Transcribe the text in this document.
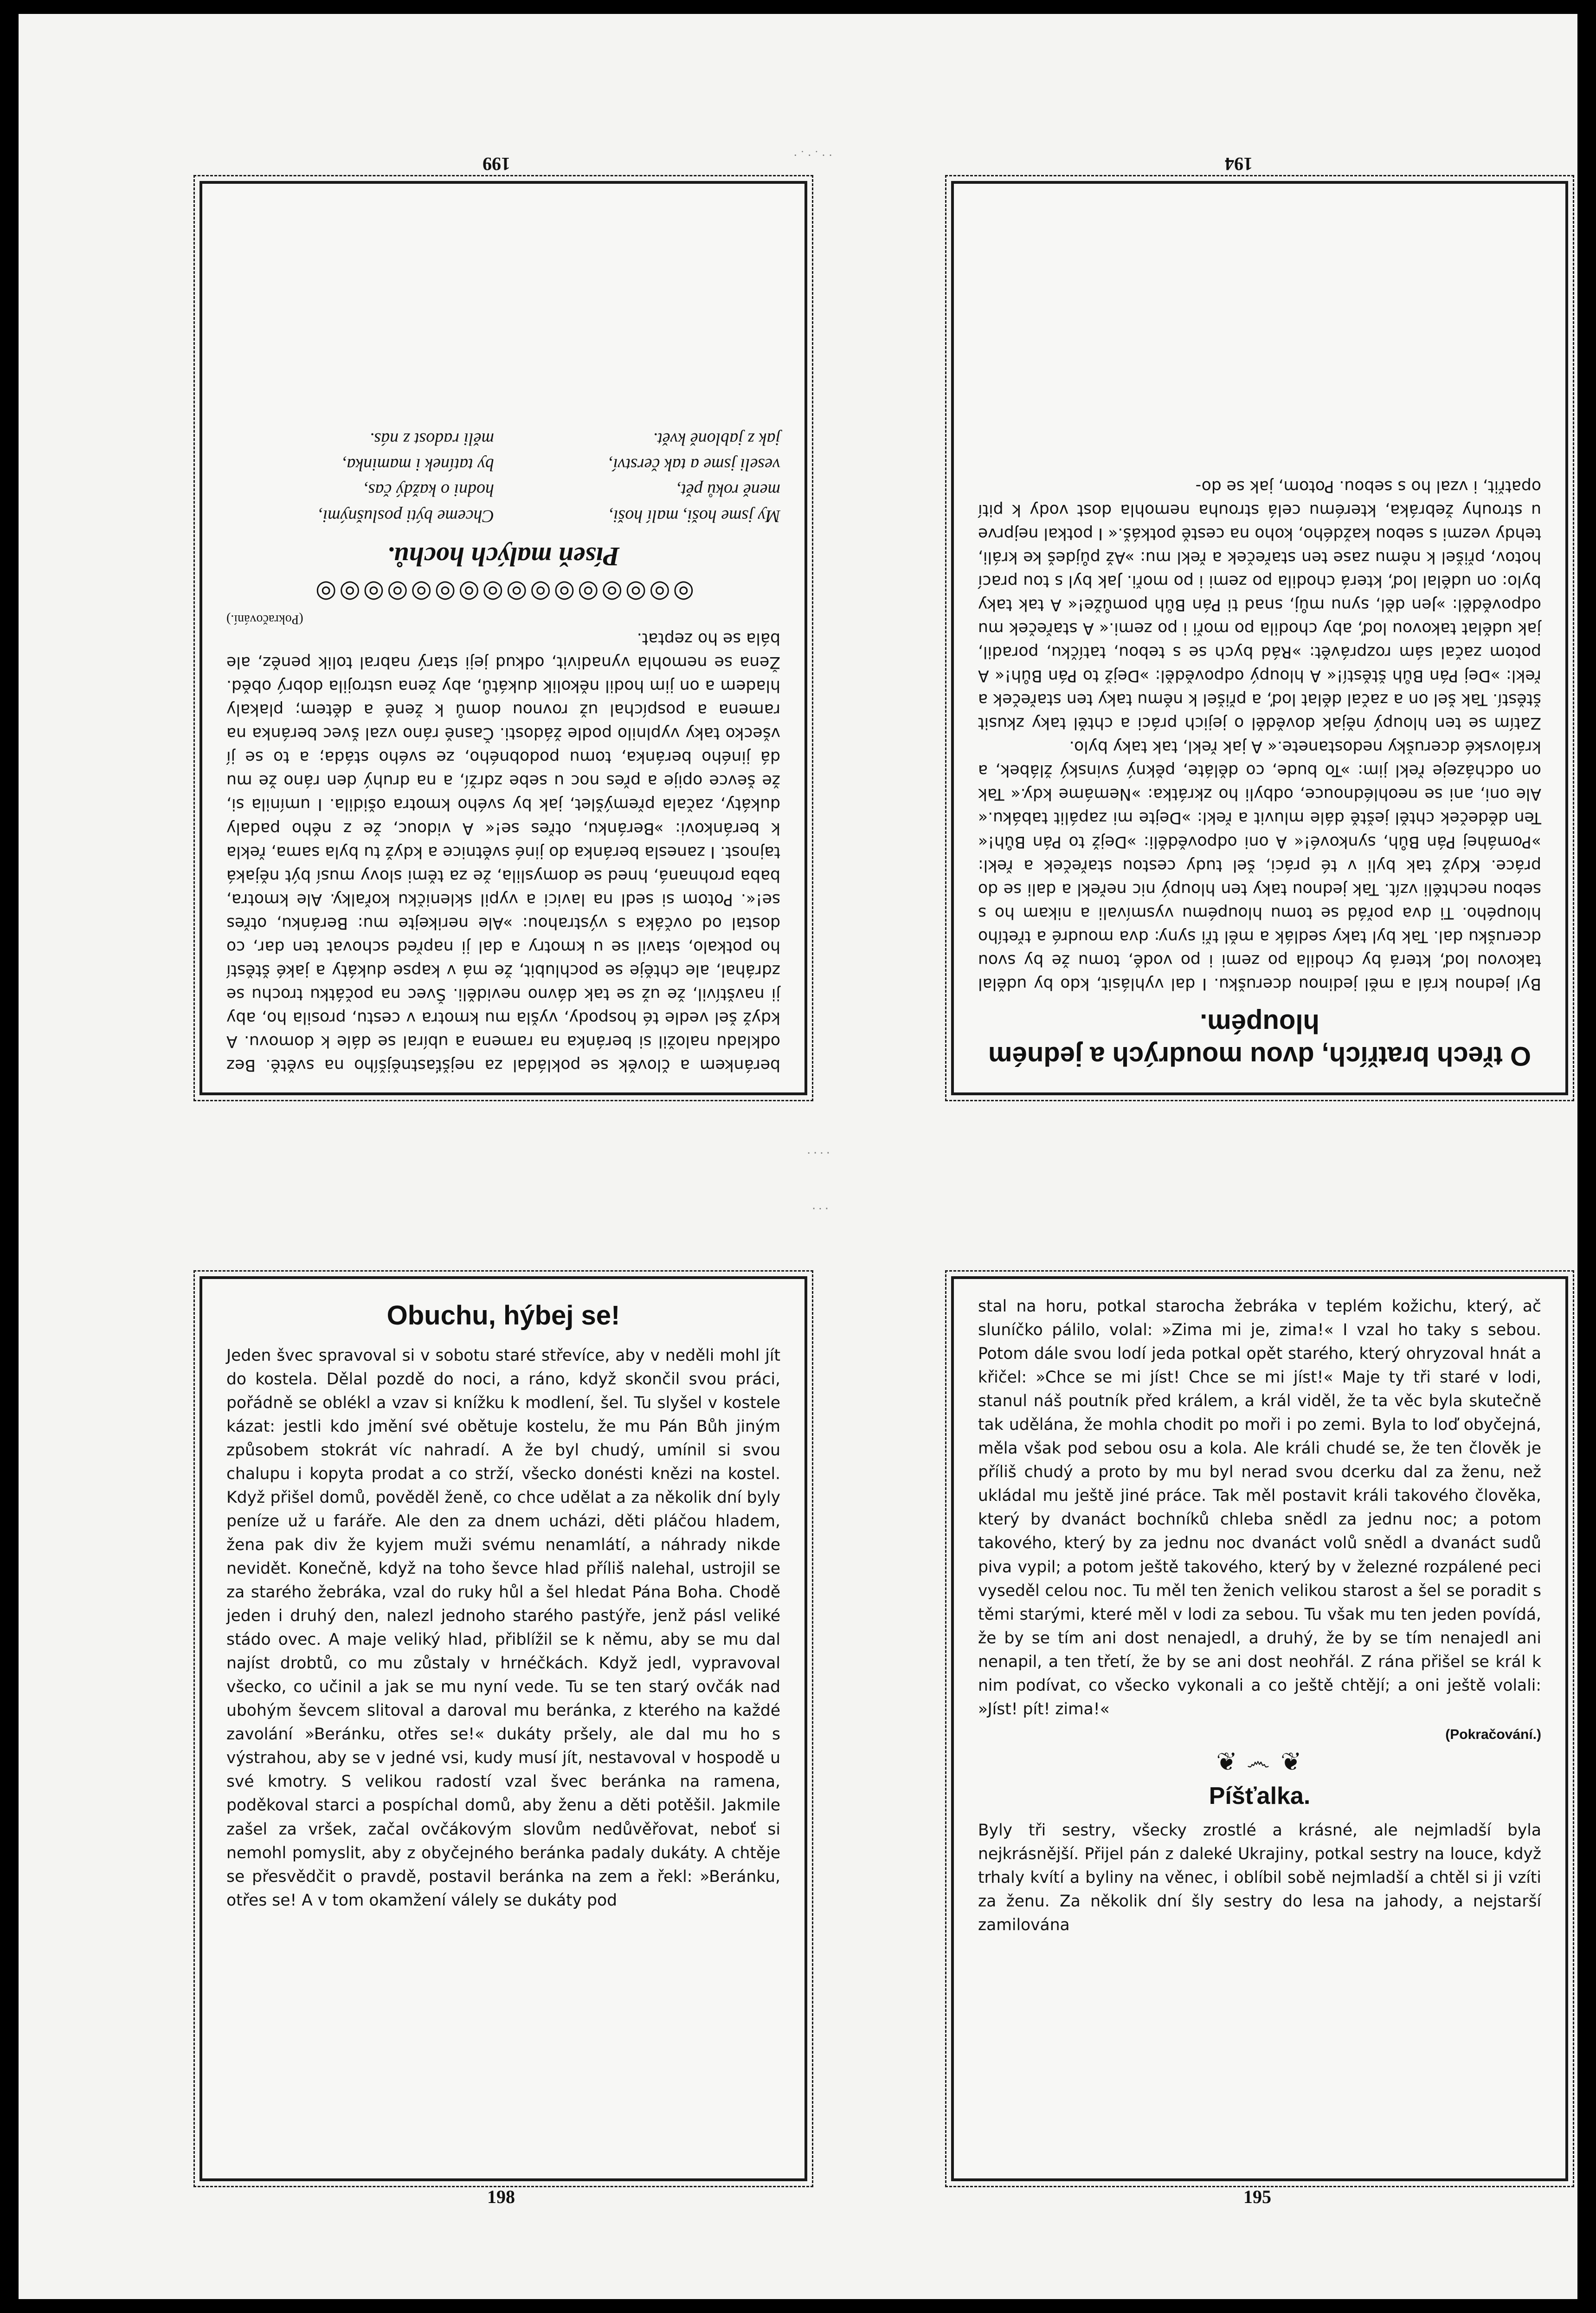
beránkem a člověk se pokládal za nejšťastnějšího na světě. Bez odkladu naložil si beránka na ramena a ubíral se dále k domovu. A když šel vedle té hospody, vyšla mu kmotra v cestu, prosila ho, aby ji navštívil, že už se tak dávno neviděli. Švec na počátku trochu se zdráhal, ale chtěje se pochlubit, že má v kapse dukáty a jaké štěstí ho potkalo, stavil se u kmotry a dal ji napřed schovat ten dar, co dostal od ovčáka s výstrahou: »Ale nerikejte mu: Beránku, otřes se!«. Potom si sedl na lavici a vypil skleničku kořalky. Ale kmotra, baba prohnaná, hned se domyslila, že za těmi slovy musí být nějaká tajnost. I zanesla beránka do jiné světnice a když tu byla sama, řekla k beránkovi: »Beránku, otřes se!« A vidouc, že z něho padaly dukáty, začala přemýšlet, jak by svého kmotra ošidila. I umínila si, že ševce opije a přes noc u sebe zdrží, a na druhý den ráno že mu dá jiného beránka, tomu podobného, ze svého stáda; a to se jí všecko taky vyplnilo podle žádosti. Časně ráno vzal švec beránka na ramena a pospíchal už rovnou domů k ženě a dětem; plakaly hladem a on jim hodil několik dukátů, aby žena ustrojila dobrý oběd. Žena se nemohla vynadivit, odkud jeji starý nabral tolik peněz, ale bála se ho zeptat.

(Pokračování.)
◎◎◎◎◎◎◎◎◎◎◎◎◎◎◎◎
Píseň malých hochů.
My jsme hoši, malí hoši,
meně roků pět,
veseli jsme a tak čerství,
jak z jabloně květ.
Chceme býti poslušnými,
hodni o každý čas,
by tatínek i maminka,
měli radost z nás.
199
O třech bratřích, dvou moudrých a jedném hloupém.

Byl jednou král a měl jedinou dcerušku. I dal vyhlásit, kdo by udělal takovou loď, která by chodila po zemi i po vodě, tomu že by svou dcerušku dal. Tak byl taky sedlák a měl tři syny: dva moudré a třetího hloupého. Ti dva pořád se tomu hloupému vysmívali a nikam ho s sebou nechtěli vzít. Tak jednou taky ten hloupý nic neřekl a dali se do práce. Když tak byli v té práci, šel tudy cestou stařeček a řekl: »Pomáhej Pán Bůh, synkové!« A oni odpověděli: »Dejž to Pán Bůh!« Ten dědeček chtěl ještě dále mluvit a řekl: »Dejte mi zapálit tabáku.« Ale oni, ani se neohlédnouce, odbyli ho zkrátka: »Nemáme kdy.« Tak on odcházeje řekl jim: »To bude, co děláte, pěkný svinský žlábek, a královské dcerušky nedostanete.« A jak řekl, tak taky bylo.
Zatím se ten hloupý nějak dověděl o jejich práci a chtěl taky zkusit štěstí. Tak šel on a začal dělat loď, a přišel k němu taky ten stařeček a řekl: »Dej Pán Bůh štěstí!« A hloupý odpověděl: »Dejž to Pán Bůh!« A potom začal sám rozprávět: »Rád bych se s tebou, tatíčku, poradil, jak udělat takovou loď, aby chodila po moři i po zemi.« A stařeček mu odpověděl: »Jen děl, synu můj, snad ti Pán Bůh pomůže!« A tak taky bylo: on udělal loď, která chodila po zemi i po moři. Jak byl s tou prací hotov, přišel k němu zase ten stařeček a řekl mu: »Až půjdeš ke králi, tehdy vezmi s sebou každého, koho na cestě potkáš.« I potkal nejprve u strouhy žebráka, kterému celá strouha nemohla dost vody k pití opatřit, i vzal ho s sebou. Potom, jak se do-

194
· ˙ · ˙ · ·
∙ ⋅ ∙ ⋅
⋅ ∙ ⋅
Obuchu, hýbej se!

Jeden švec spravoval si v sobotu staré střevíce, aby v neděli mohl jít do kostela. Dělal pozdě do noci, a ráno, když skončil svou práci, pořádně se oblékl a vzav si knížku k modlení, šel. Tu slyšel v kostele kázat: jestli kdo jmění své obětuje kostelu, že mu Pán Bůh jiným způsobem stokrát víc nahradí. A že byl chudý, umínil si svou chalupu i kopyta prodat a co strží, všecko donésti knězi na kostel. Když přišel domů, pověděl ženě, co chce udělat a za několik dní byly peníze už u faráře. Ale den za dnem ucházi, děti pláčou hladem, žena pak div že kyjem muži svému nenamlátí, a náhrady nikde nevidět. Konečně, když na toho ševce hlad příliš nalehal, ustrojil se za starého žebráka, vzal do ruky hůl a šel hledat Pána Boha. Chodě jeden i druhý den, nalezl jednoho starého pastýře, jenž pásl veliké stádo ovec. A maje veliký hlad, přiblížil se k němu, aby se mu dal najíst drobtů, co mu zůstaly v hrnéčkách. Když jedl, vypravoval všecko, co učinil a jak se mu nyní vede. Tu se ten starý ovčák nad ubohým ševcem slitoval a daroval mu beránka, z kterého na každé zavolání »Beránku, otřes se!« dukáty pršely, ale dal mu ho s výstrahou, aby se v jedné vsi, kudy musí jít, nestavoval v hospodě u své kmotry. S velikou radostí vzal švec beránka na ramena, poděkoval starci a pospíchal domů, aby ženu a děti potěšil. Jakmile zašel za vršek, začal ovčákovým slovům nedůvěřovat, neboť si nemohl pomyslit, aby z obyčejného beránka padaly dukáty. A chtěje se přesvědčit o pravdě, postavil beránka na zem a řekl: »Beránku, otřes se! A v tom okamžení válely se dukáty pod

198

stal na horu, potkal starocha žebráka v teplém kožichu, který, ač sluníčko pálilo, volal: »Zima mi je, zima!« I vzal ho taky s sebou. Potom dále svou lodí jeda potkal opět starého, který ohryzoval hnát a křičel: »Chce se mi jíst! Chce se mi jíst!« Maje ty tři staré v lodi, stanul náš poutník před králem, a král viděl, že ta věc byla skutečně tak udělána, že mohla chodit po moři i po zemi. Byla to loď obyčejná, měla však pod sebou osu a kola. Ale králi chudé se, že ten člověk je příliš chudý a proto by mu byl nerad svou dcerku dal za ženu, než ukládal mu ještě jiné práce. Tak měl postavit králi takového člověka, který by dvanáct bochníků chleba snědl za jednu noc; a potom takového, který by za jednu noc dvanáct volů snědl a dvanáct sudů piva vypil; a potom ještě takového, který by v železné rozpálené peci vyseděl celou noc. Tu měl ten ženich velikou starost a šel se poradit s těmi starými, které měl v lodi za sebou. Tu však mu ten jeden povídá, že by se tím ani dost nenajedl, a druhý, že by se tím nenajedl ani nenapil, a ten třetí, že by se ani dost neohřál. Z rána přišel se král k nim podívat, co všecko vykonali a co ještě chtějí; a oni ještě volali: »Jíst! pít! zima!«

(Pokračování.)
❦ ෴ ❦
Píšťalka.

Byly tři sestry, všecky zrostlé a krásné, ale nejmladší byla nejkrásnější. Přijel pán z daleké Ukrajiny, potkal sestry na louce, když trhaly kvítí a byliny na věnec, i oblíbil sobě nejmladší a chtěl si ji vzíti za ženu. Za několik dní šly sestry do lesa na jahody, a nejstarší zamilována

195
